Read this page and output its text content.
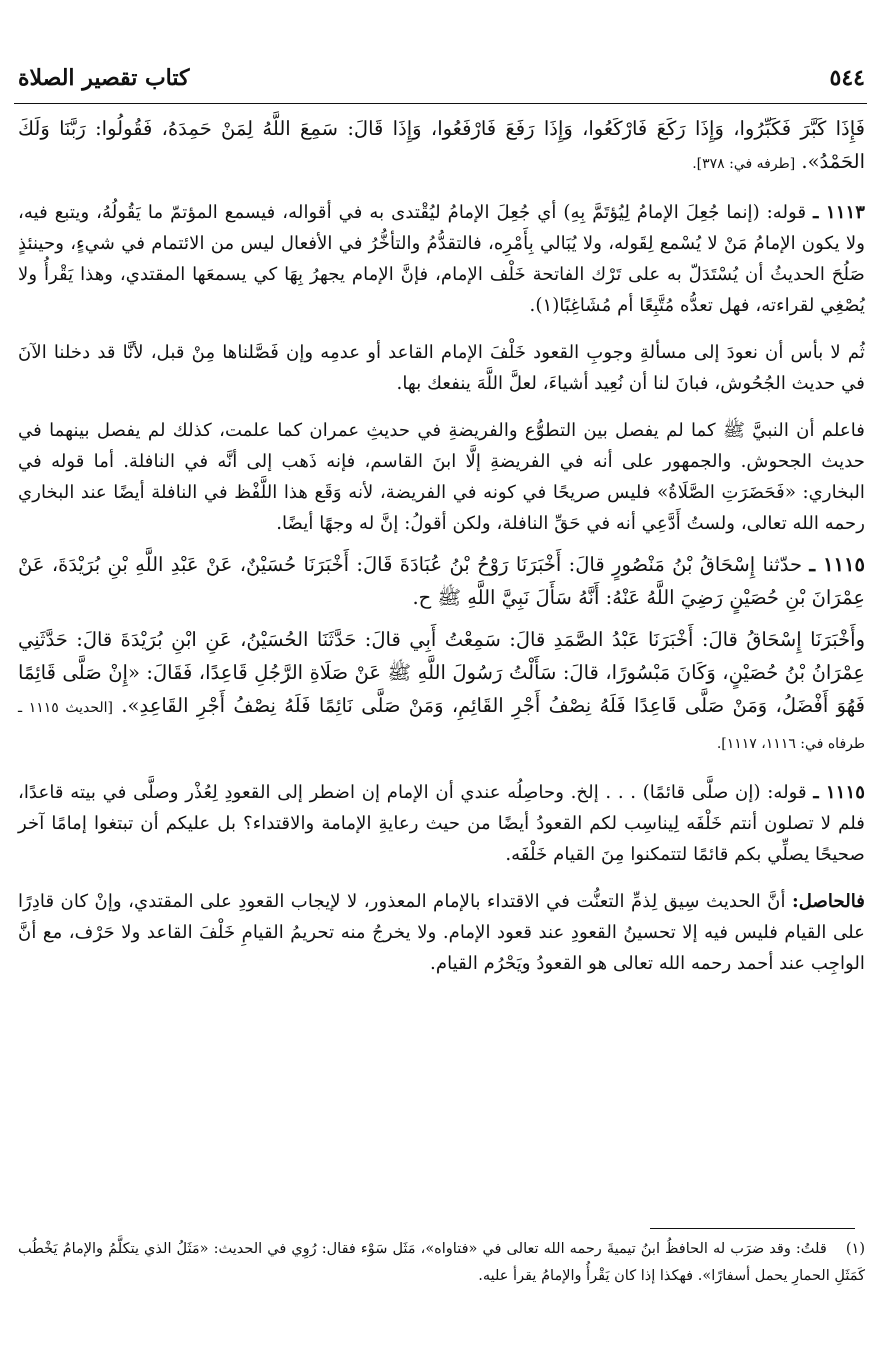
٥٤٤
كتاب تقصير الصلاة

فَإِذَا كَبَّرَ فَكَبِّرُوا، وَإِذَا رَكَعَ فَارْكَعُوا، وَإِذَا رَفَعَ فَارْفَعُوا، وَإِذَا قَالَ: سَمِعَ اللَّهُ لِمَنْ حَمِدَهُ، فَقُولُوا: رَبَّنَا وَلَكَ الحَمْدُ». [طرفه في: ٣٧٨].

١١١٣ ـ قوله: (إنما جُعِلَ الإمامُ لِيُؤتَمَّ بِهِ) أي جُعِلَ الإمامُ ليُقْتدى به في أقواله، فيسمع المؤتمّ ما يَقُولُهُ، ويتبع فيه، ولا يكون الإمامُ مَنْ لا يُسْمع لِقَوله، ولا يُبَالي بِأَمْرِه، فالتقدُّمُ والتأخُّرُ في الأفعال ليس من الائتمام في شيءٍ، وحينئذٍ صَلُحَ الحديثُ أن يُسْتَدَلّ به على تَرْك الفاتحة خَلْف الإمام، فإنَّ الإمام يجهرُ بِهَا كي يسمعَها المقتدي، وهذا يَقْرأُ ولا يُصْغِي لقراءته، فهل تعدُّه مُتَّبِعًا أم مُشَاغِبًا(١).

ثُم لا بأس أن نعودَ إلى مسألةِ وجوبِ القعود خَلْفَ الإمام القاعد أو عدمِه وإن فَصَّلناها مِنْ قبل، لأنَّا قد دخلنا الآنَ في حديث الجُحُوش، فبانَ لنا أن نُعِيد أشياءَ، لعلَّ اللَّهَ ينفعك بها.

فاعلم أن النبيَّ ﷺ كما لم يفصل بين التطوُّع والفريضةِ في حديثِ عمران كما علمت، كذلك لم يفصل بينهما في حديث الجحوش. والجمهور على أنه في الفريضةِ إلَّا ابنَ القاسم، فإنه ذَهب إلى أنَّه في النافلة. أما قوله في البخاري: «فَحَضَرَتِ الصَّلَاةُ» فليس صريحًا في كونه في الفريضة، لأنه وَقَع هذا اللَّفْظ في النافلة أيضًا عند البخاري رحمه الله تعالى، ولستُ أَدَّعِي أنه في حَقِّ النافلة، ولكن أقولُ: إنَّ له وجهًا أيضًا.

١١١٥ ـ حدّثنا إِسْحَاقُ بْنُ مَنْصُورٍ قالَ: أَخْبَرَنَا رَوْحُ بْنُ عُبَادَةَ قَالَ: أَخْبَرَنَا حُسَيْنٌ، عَنْ عَبْدِ اللَّهِ بْنِ بُرَيْدَةَ، عَنْ عِمْرَانَ بْنِ حُصَيْنٍ رَضِيَ اللَّهُ عَنْهُ: أَنَّهُ سَأَلَ نَبِيَّ اللَّهِ ﷺ ح.

وأَخْبَرَنَا إِسْحَاقُ قالَ: أَخْبَرَنَا عَبْدُ الصَّمَدِ قالَ: سَمِعْتُ أَبِي قالَ: حَدَّثَنَا الحُسَيْنُ، عَنِ ابْنِ بُرَيْدَةَ قالَ: حَدَّثَنِي عِمْرَانُ بْنُ حُصَيْنٍ، وَكَانَ مَبْسُورًا، قالَ: سَأَلْتُ رَسُولَ اللَّهِ ﷺ عَنْ صَلَاةِ الرَّجُلِ قَاعِدًا، فَقَالَ: «إِنْ صَلَّى قَائِمًا فَهُوَ أَفْضَلُ، وَمَنْ صَلَّى قَاعِدًا فَلَهُ نِصْفُ أَجْرِ القَائِمِ، وَمَنْ صَلَّى نَائِمًا فَلَهُ نِصْفُ أَجْرِ القَاعِدِ». [الحديث ١١١٥ ـ طرفاه في: ١١١٦، ١١١٧].

١١١٥ ـ قوله: (إن صلَّى قائمًا) . . . إلخ. وحاصِلُه عندي أن الإمام إن اضطر إلى القعودِ لِعُذْر وصلَّى في بيته قاعدًا، فلم لا تصلون أنتم خَلْفَه لِيناسِب لكم القعودُ أيضًا من حيث رعايةِ الإمامة والاقتداء؟ بل عليكم أن تبتغوا إمامًا آخر صحيحًا يصلِّي بكم قائمًا لتتمكنوا مِنَ القيام خَلْفَه.

فالحاصل: أنَّ الحديث سِيق لِذمِّ التعنُّت في الاقتداء بالإمام المعذور، لا لإيجاب القعودِ على المقتدي، وإنْ كان قادِرًا على القيام فليس فيه إلا تحسينُ القعودِ عند قعود الإمام. ولا يخرجُ منه تحريمُ القيامِ خَلْفَ القاعد ولا حَرْف، مع أنَّ الواجِب عند أحمد رحمه الله تعالى هو القعودُ ويَحْرُم القيام.

(١) قلتُ: وقد ضرَب له الحافظُ ابنُ تيميةَ رحمه الله تعالى في «فتاواه»، مَثَل سَوْء فقال: رُوِي في الحديث: «مَثَلُ الذي يتكلَّمُ والإمامُ يَخْطُب كَمَثَلِ الحمارِ يحمل أسفارًا». فهكذا إذا كان يَقْرأُ والإمامُ يقرأ عليه.
